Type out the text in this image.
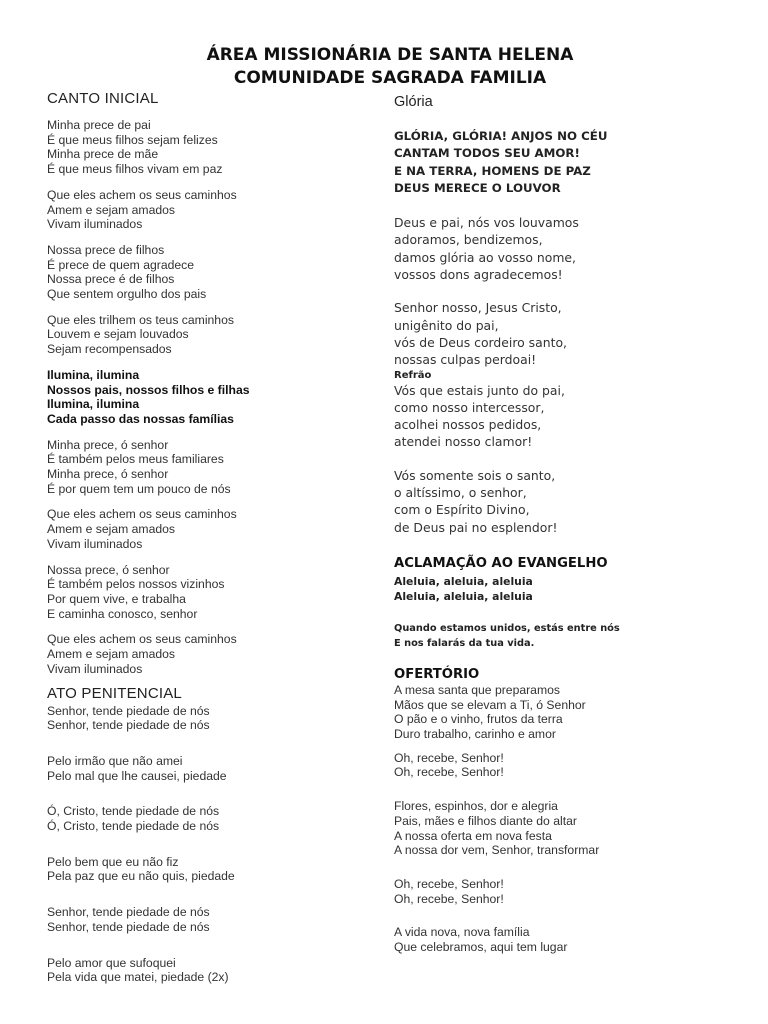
ÁREA MISSIONÁRIA DE SANTA HELENA
COMUNIDADE SAGRADA FAMILIA
CANTO INICIAL

Minha prece de pai

É que meus filhos sejam felizes

Minha prece de mãe

É que meus filhos vivam em paz

Que eles achem os seus caminhos

Amem e sejam amados

Vivam iluminados

Nossa prece de filhos

É prece de quem agradece

Nossa prece é de filhos

Que sentem orgulho dos pais

Que eles trilhem os teus caminhos

Louvem e sejam louvados

Sejam recompensados

Ilumina, ilumina

Nossos pais, nossos filhos e filhas

Ilumina, ilumina

Cada passo das nossas famílias

Minha prece, ó senhor

É também pelos meus familiares

Minha prece, ó senhor

É por quem tem um pouco de nós

Que eles achem os seus caminhos

Amem e sejam amados

Vivam iluminados

Nossa prece, ó senhor

É também pelos nossos vizinhos

Por quem vive, e trabalha

E caminha conosco, senhor

Que eles achem os seus caminhos

Amem e sejam amados

Vivam iluminados

ATO PENITENCIAL

Senhor, tende piedade de nós

Senhor, tende piedade de nós

Pelo irmão que não amei

Pelo mal que lhe causei, piedade

Ó, Cristo, tende piedade de nós

Ó, Cristo, tende piedade de nós

Pelo bem que eu não fiz

Pela paz que eu não quis, piedade

Senhor, tende piedade de nós

Senhor, tende piedade de nós

Pelo amor que sufoquei

Pela vida que matei, piedade (2x)

Glória
GLÓRIA, GLÓRIA! ANJOS NO CÉU
CANTAM TODOS SEU AMOR!
E NA TERRA, HOMENS DE PAZ
DEUS MERECE O LOUVOR
Deus e pai, nós vos louvamos
adoramos, bendizemos,
damos glória ao vosso nome,
vossos dons agradecemos!
Senhor nosso, Jesus Cristo,
unigênito do pai,
vós de Deus cordeiro santo,
nossas culpas perdoai!
Refrão
Vós que estais junto do pai,
como nosso intercessor,
acolhei nossos pedidos,
atendei nosso clamor!
Vós somente sois o santo,
o altíssimo, o senhor,
com o Espírito Divino,
de Deus pai no esplendor!
ACLAMAÇÃO AO EVANGELHO
Aleluia, aleluia, aleluia
Aleluia, aleluia, aleluia
Quando estamos unidos, estás entre nós
E nos falarás da tua vida.
OFERTÓRIO

A mesa santa que preparamos

Mãos que se elevam a Ti, ó Senhor

O pão e o vinho, frutos da terra

Duro trabalho, carinho e amor

Oh, recebe, Senhor!

Oh, recebe, Senhor!

Flores, espinhos, dor e alegria

Pais, mães e filhos diante do altar

A nossa oferta em nova festa

A nossa dor vem, Senhor, transformar

Oh, recebe, Senhor!

Oh, recebe, Senhor!

A vida nova, nova família

Que celebramos, aqui tem lugar
